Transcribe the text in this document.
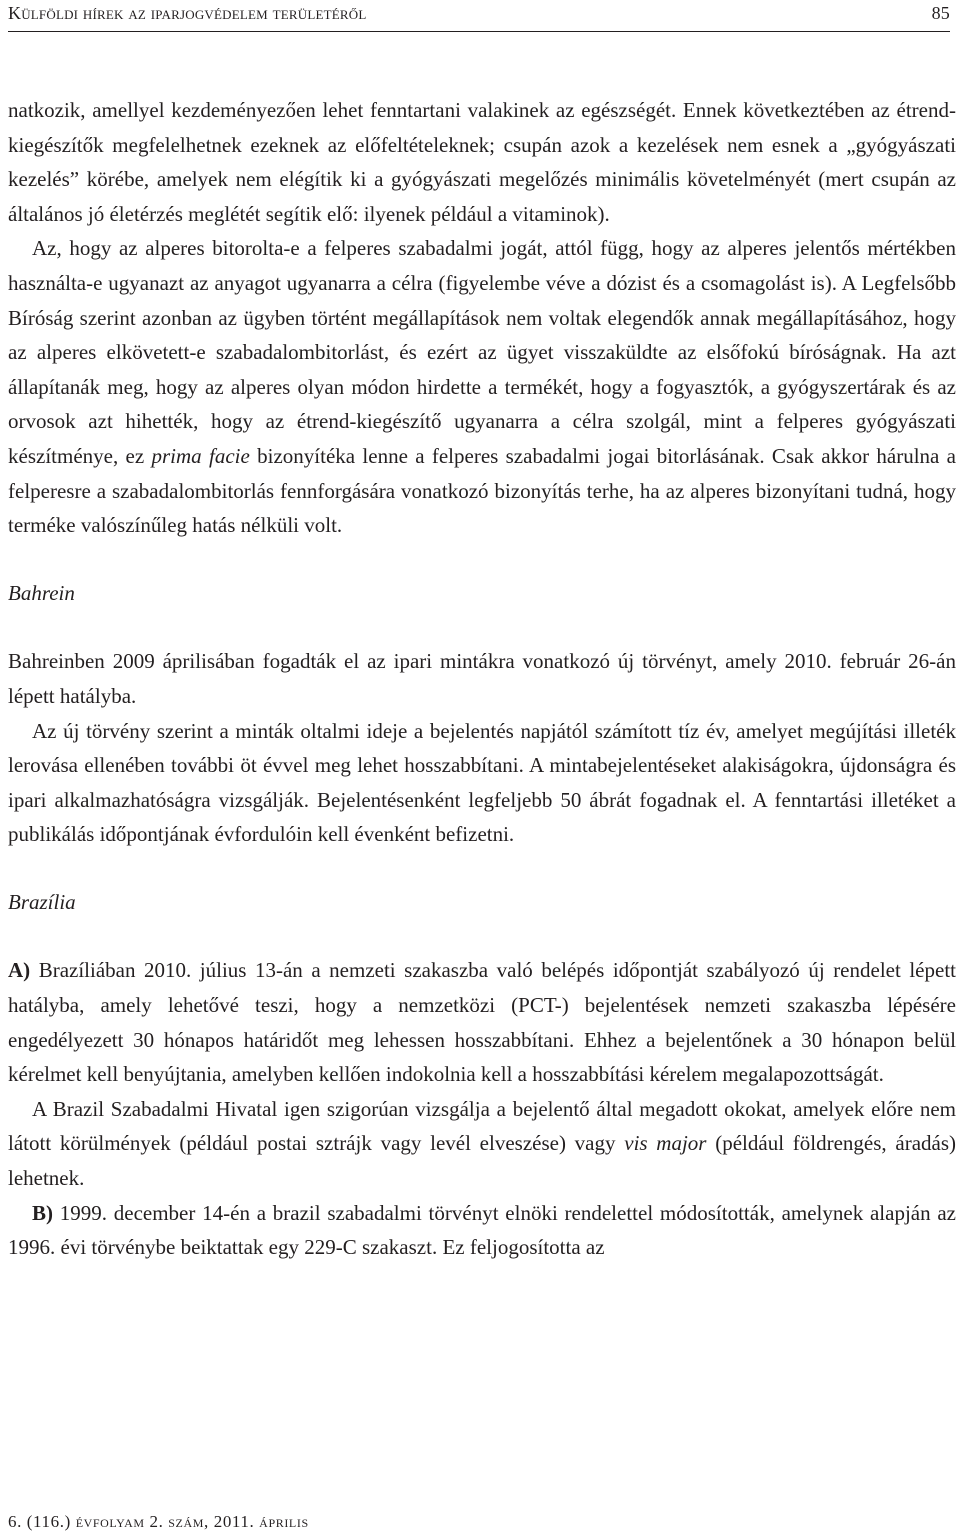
Külföldi hírek az iparjogvédelem területéről	85

natkozik, amellyel kezdeményezően lehet fenntartani valakinek az egészségét. Ennek következtében az étrend-kiegészítők megfelelhetnek ezeknek az előfeltételeknek; csupán azok a kezelések nem esnek a „gyógyászati kezelés” körébe, amelyek nem elégítik ki a gyógyászati megelőzés minimális követelményét (mert csupán az általános jó életérzés meglétét segítik elő: ilyenek például a vitaminok).

Az, hogy az alperes bitorolta-e a felperes szabadalmi jogát, attól függ, hogy az alperes jelentős mértékben használta-e ugyanazt az anyagot ugyanarra a célra (figyelembe véve a dózist és a csomagolást is). A Legfelsőbb Bíróság szerint azonban az ügyben történt megállapítások nem voltak elegendők annak megállapításához, hogy az alperes elkövetett-e szabadalombitorlást, és ezért az ügyet visszaküldte az elsőfokú bíróságnak. Ha azt állapítanák meg, hogy az alperes olyan módon hirdette a termékét, hogy a fogyasztók, a gyógyszertárak és az orvosok azt hihették, hogy az étrend-kiegészítő ugyanarra a célra szolgál, mint a felperes gyógyászati készítménye, ez prima facie bizonyítéka lenne a felperes szabadalmi jogai bitorlásának. Csak akkor hárulna a felperesre a szabadalombitorlás fennforgására vonatkozó bizonyítás terhe, ha az alperes bizonyítani tudná, hogy terméke valószínűleg hatás nélküli volt.

Bahrein

Bahreinben 2009 áprilisában fogadták el az ipari mintákra vonatkozó új törvényt, amely 2010. február 26-án lépett hatályba.

Az új törvény szerint a minták oltalmi ideje a bejelentés napjától számított tíz év, amelyet megújítási illeték lerovása ellenében további öt évvel meg lehet hosszabbítani. A mintabejelentéseket alakiságokra, újdonságra és ipari alkalmazhatóságra vizsgálják. Bejelentésenként legfeljebb 50 ábrát fogadnak el. A fenntartási illetéket a publikálás időpontjának évfordulóin kell évenként befizetni.

Brazília

A) Brazíliában 2010. július 13-án a nemzeti szakaszba való belépés időpontját szabályozó új rendelet lépett hatályba, amely lehetővé teszi, hogy a nemzetközi (PCT-) bejelentések nemzeti szakaszba lépésére engedélyezett 30 hónapos határidőt meg lehessen hosszabbítani. Ehhez a bejelentőnek a 30 hónapon belül kérelmet kell benyújtania, amelyben kellően indokolnia kell a hosszabbítási kérelem megalapozottságát.

A Brazil Szabadalmi Hivatal igen szigorúan vizsgálja a bejelentő által megadott okokat, amelyek előre nem látott körülmények (például postai sztrájk vagy levél elveszése) vagy vis major (például földrengés, áradás) lehetnek.

B) 1999. december 14-én a brazil szabadalmi törvényt elnöki rendelettel módosították, amelynek alapján az 1996. évi törvénybe beiktattak egy 229-C szakaszt. Ez feljogosította az

6. (116.) évfolyam 2. szám, 2011. április
